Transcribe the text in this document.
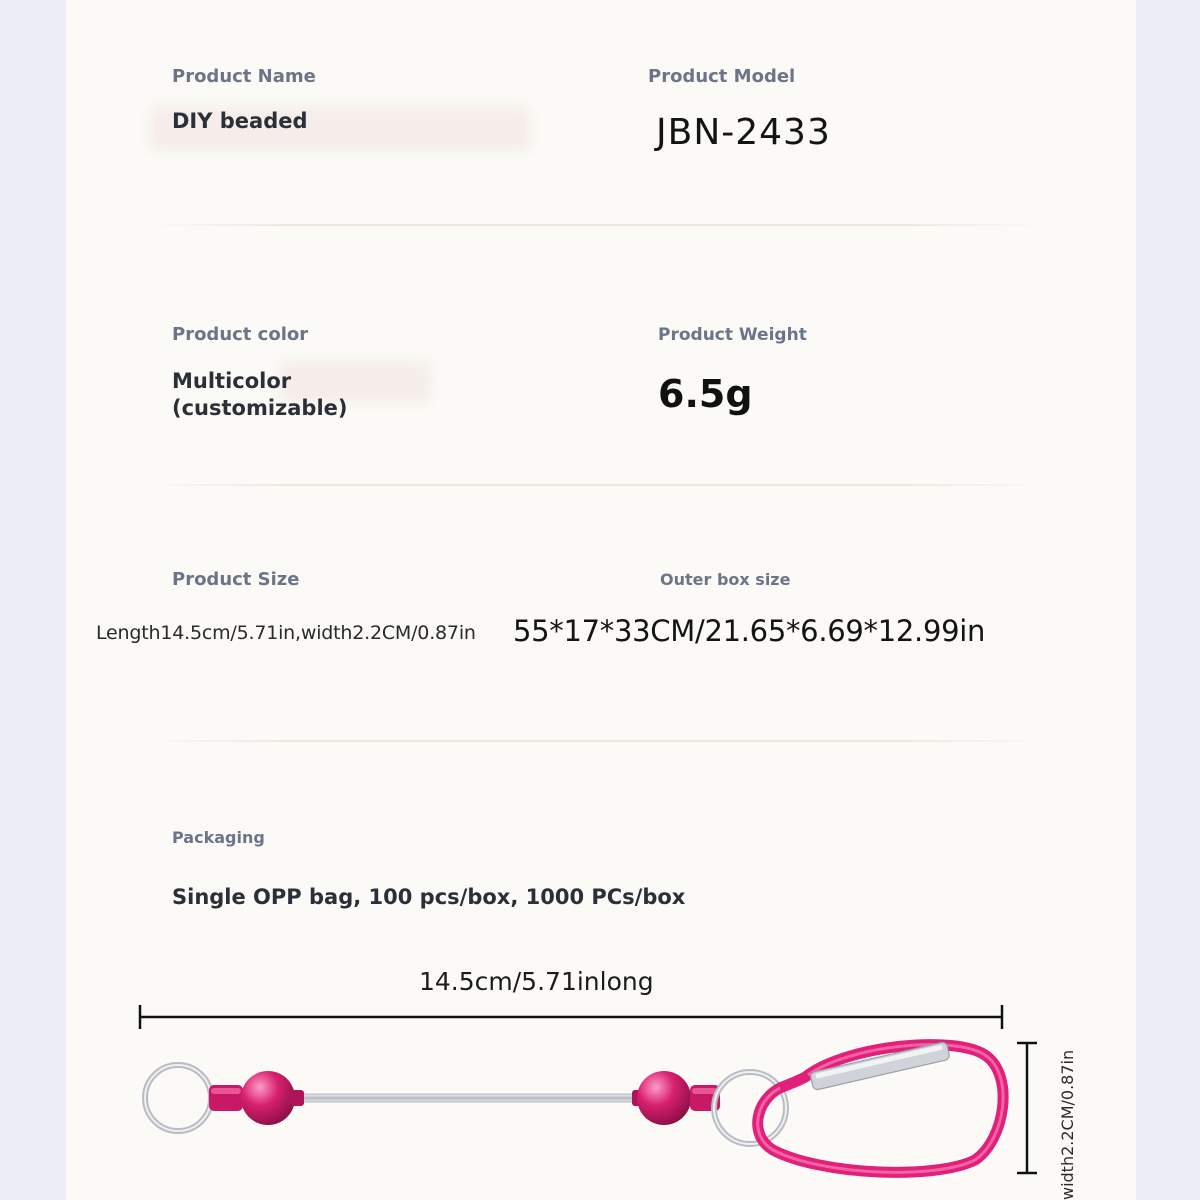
Product Name
DIY beaded
Product Model
JBN-2433
Product color
Multicolor
(customizable)
Product Weight
6.5g
Product Size	Outer box size
Length14.5cm/5.71in,width2.2CM/0.87in 55*17*33CM/21.65*6.69*12.99in
Packaging
Single OPP bag, 100 pcs/box, 1000 PCs/box
14.5cm/5.71inlong
width2.2CM/0.87in
